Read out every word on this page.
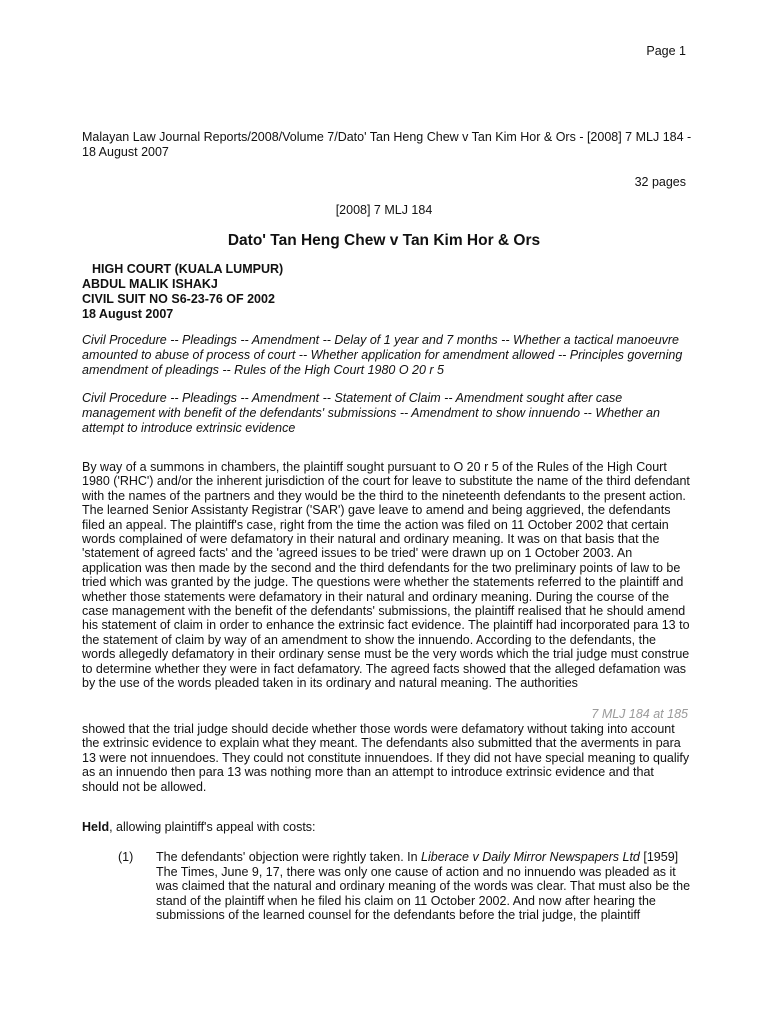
Page 1
Malayan Law Journal Reports/2008/Volume 7/Dato' Tan Heng Chew v Tan Kim Hor & Ors - [2008] 7 MLJ 184 - 18 August 2007
32 pages
[2008] 7 MLJ 184
Dato' Tan Heng Chew v Tan Kim Hor & Ors
HIGH COURT (KUALA LUMPUR)
ABDUL MALIK ISHAKJ
CIVIL SUIT NO S6-23-76 OF 2002
18 August 2007
Civil Procedure -- Pleadings -- Amendment -- Delay of 1 year and 7 months -- Whether a tactical manoeuvre amounted to abuse of process of court -- Whether application for amendment allowed -- Principles governing amendment of pleadings -- Rules of the High Court 1980 O 20 r 5
Civil Procedure -- Pleadings -- Amendment -- Statement of Claim -- Amendment sought after case management with benefit of the defendants' submissions -- Amendment to show innuendo -- Whether an attempt to introduce extrinsic evidence
By way of a summons in chambers, the plaintiff sought pursuant to O 20 r 5 of the Rules of the High Court 1980 ('RHC') and/or the inherent jurisdiction of the court for leave to substitute the name of the third defendant with the names of the partners and they would be the third to the nineteenth defendants to the present action. The learned Senior Assistanty Registrar ('SAR') gave leave to amend and being aggrieved, the defendants filed an appeal. The plaintiff's case, right from the time the action was filed on 11 October 2002 that certain words complained of were defamatory in their natural and ordinary meaning. It was on that basis that the 'statement of agreed facts' and the 'agreed issues to be tried' were drawn up on 1 October 2003. An application was then made by the second and the third defendants for the two preliminary points of law to be tried which was granted by the judge. The questions were whether the statements referred to the plaintiff and whether those statements were defamatory in their natural and ordinary meaning. During the course of the case management with the benefit of the defendants' submissions, the plaintiff realised that he should amend his statement of claim in order to enhance the extrinsic fact evidence. The plaintiff had incorporated para 13 to the statement of claim by way of an amendment to show the innuendo. According to the defendants, the words allegedly defamatory in their ordinary sense must be the very words which the trial judge must construe to determine whether they were in fact defamatory. The agreed facts showed that the alleged defamation was by the use of the words pleaded taken in its ordinary and natural meaning. The authorities
7 MLJ 184 at 185
showed that the trial judge should decide whether those words were defamatory without taking into account the extrinsic evidence to explain what they meant. The defendants also submitted that the averments in para 13 were not innuendoes. They could not constitute innuendoes. If they did not have special meaning to qualify as an innuendo then para 13 was nothing more than an attempt to introduce extrinsic evidence and that should not be allowed.
Held, allowing plaintiff's appeal with costs:
(1) The defendants' objection were rightly taken. In Liberace v Daily Mirror Newspapers Ltd [1959] The Times, June 9, 17, there was only one cause of action and no innuendo was pleaded as it was claimed that the natural and ordinary meaning of the words was clear. That must also be the stand of the plaintiff when he filed his claim on 11 October 2002. And now after hearing the submissions of the learned counsel for the defendants before the trial judge, the plaintiff
